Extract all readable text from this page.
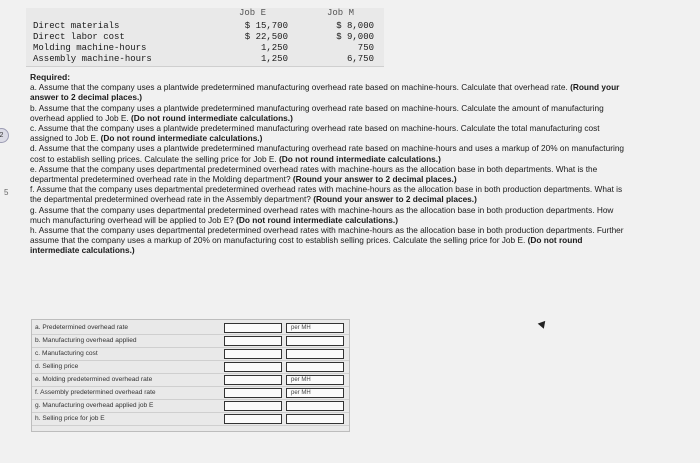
Job E	Job M
Direct materials	$ 15,700	$ 8,000
Direct labor cost	$ 22,500	$ 9,000
Molding machine-hours	1,250	750
Assembly machine-hours	1,250	6,750
2
5

Required:

a. Assume that the company uses a plantwide predetermined manufacturing overhead rate based on machine-hours. Calculate that overhead rate. (Round your answer to 2 decimal places.)

b. Assume that the company uses a plantwide predetermined manufacturing overhead rate based on machine-hours. Calculate the amount of manufacturing overhead applied to Job E. (Do not round intermediate calculations.)

c. Assume that the company uses a plantwide predetermined manufacturing overhead rate based on machine-hours. Calculate the total manufacturing cost assigned to Job E. (Do not round intermediate calculations.)

d. Assume that the company uses a plantwide predetermined manufacturing overhead rate based on machine-hours and uses a markup of 20% on manufacturing cost to establish selling prices. Calculate the selling price for Job E. (Do not round intermediate calculations.)

e. Assume that the company uses departmental predetermined overhead rates with machine-hours as the allocation base in both departments. What is the departmental predetermined overhead rate in the Molding department? (Round your answer to 2 decimal places.)

f. Assume that the company uses departmental predetermined overhead rates with machine-hours as the allocation base in both production departments. What is the departmental predetermined overhead rate in the Assembly department? (Round your answer to 2 decimal places.)

g. Assume that the company uses departmental predetermined overhead rates with machine-hours as the allocation base in both production departments. How much manufacturing overhead will be applied to Job E? (Do not round intermediate calculations.)

h. Assume that the company uses departmental predetermined overhead rates with machine-hours as the allocation base in both production departments. Further assume that the company uses a markup of 20% on manufacturing cost to establish selling prices. Calculate the selling price for Job E. (Do not round intermediate calculations.)

a. Predetermined overhead rate	per MH
b. Manufacturing overhead applied
c. Manufacturing cost
d. Selling price
e. Molding predetermined overhead rate	per MH
f. Assembly predetermined overhead rate	per MH
g. Manufacturing overhead applied job E
h. Selling price for job E
